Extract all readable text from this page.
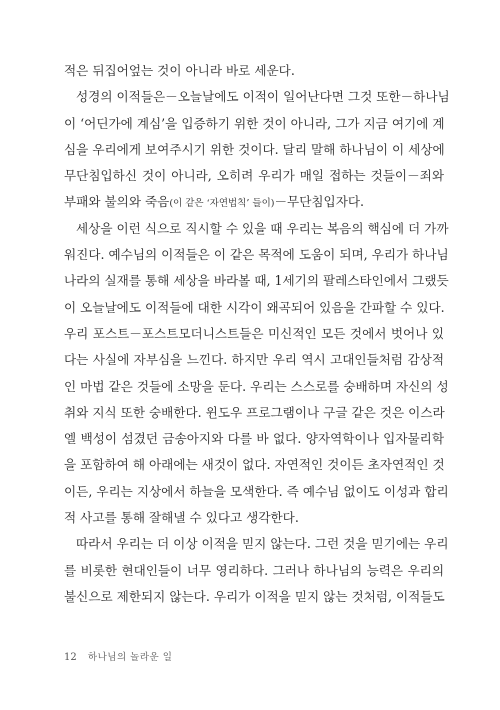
적은 뒤집어엎는 것이 아니라 바로 세운다.
성경의 이적들은－오늘날에도 이적이 일어난다면 그것 또한－하나님
이 ‘어딘가에 계심’을 입증하기 위한 것이 아니라, 그가 지금 여기에 계
심을 우리에게 보여주시기 위한 것이다. 달리 말해 하나님이 이 세상에
무단침입하신 것이 아니라, 오히려 우리가 매일 접하는 것들이－죄와
부패와 불의와 죽음(이 같은 ‘자연법칙’ 들이)－무단침입자다.
세상을 이런 식으로 직시할 수 있을 때 우리는 복음의 핵심에 더 가까
워진다. 예수님의 이적들은 이 같은 목적에 도움이 되며, 우리가 하나님
나라의 실재를 통해 세상을 바라볼 때, 1세기의 팔레스타인에서 그랬듯
이 오늘날에도 이적들에 대한 시각이 왜곡되어 있음을 간파할 수 있다.
우리 포스트－포스트모더니스트들은 미신적인 모든 것에서 벗어나 있
다는 사실에 자부심을 느낀다. 하지만 우리 역시 고대인들처럼 감상적
인 마법 같은 것들에 소망을 둔다. 우리는 스스로를 숭배하며 자신의 성
취와 지식 또한 숭배한다. 윈도우 프로그램이나 구글 같은 것은 이스라
엘 백성이 섬겼던 금송아지와 다를 바 없다. 양자역학이나 입자물리학
을 포함하여 해 아래에는 새것이 없다. 자연적인 것이든 초자연적인 것
이든, 우리는 지상에서 하늘을 모색한다. 즉 예수님 없이도 이성과 합리
적 사고를 통해 잘해낼 수 있다고 생각한다.
따라서 우리는 더 이상 이적을 믿지 않는다. 그런 것을 믿기에는 우리
를 비롯한 현대인들이 너무 영리하다. 그러나 하나님의 능력은 우리의
불신으로 제한되지 않는다. 우리가 이적을 믿지 않는 것처럼, 이적들도
12 하나님의 놀라운 일
